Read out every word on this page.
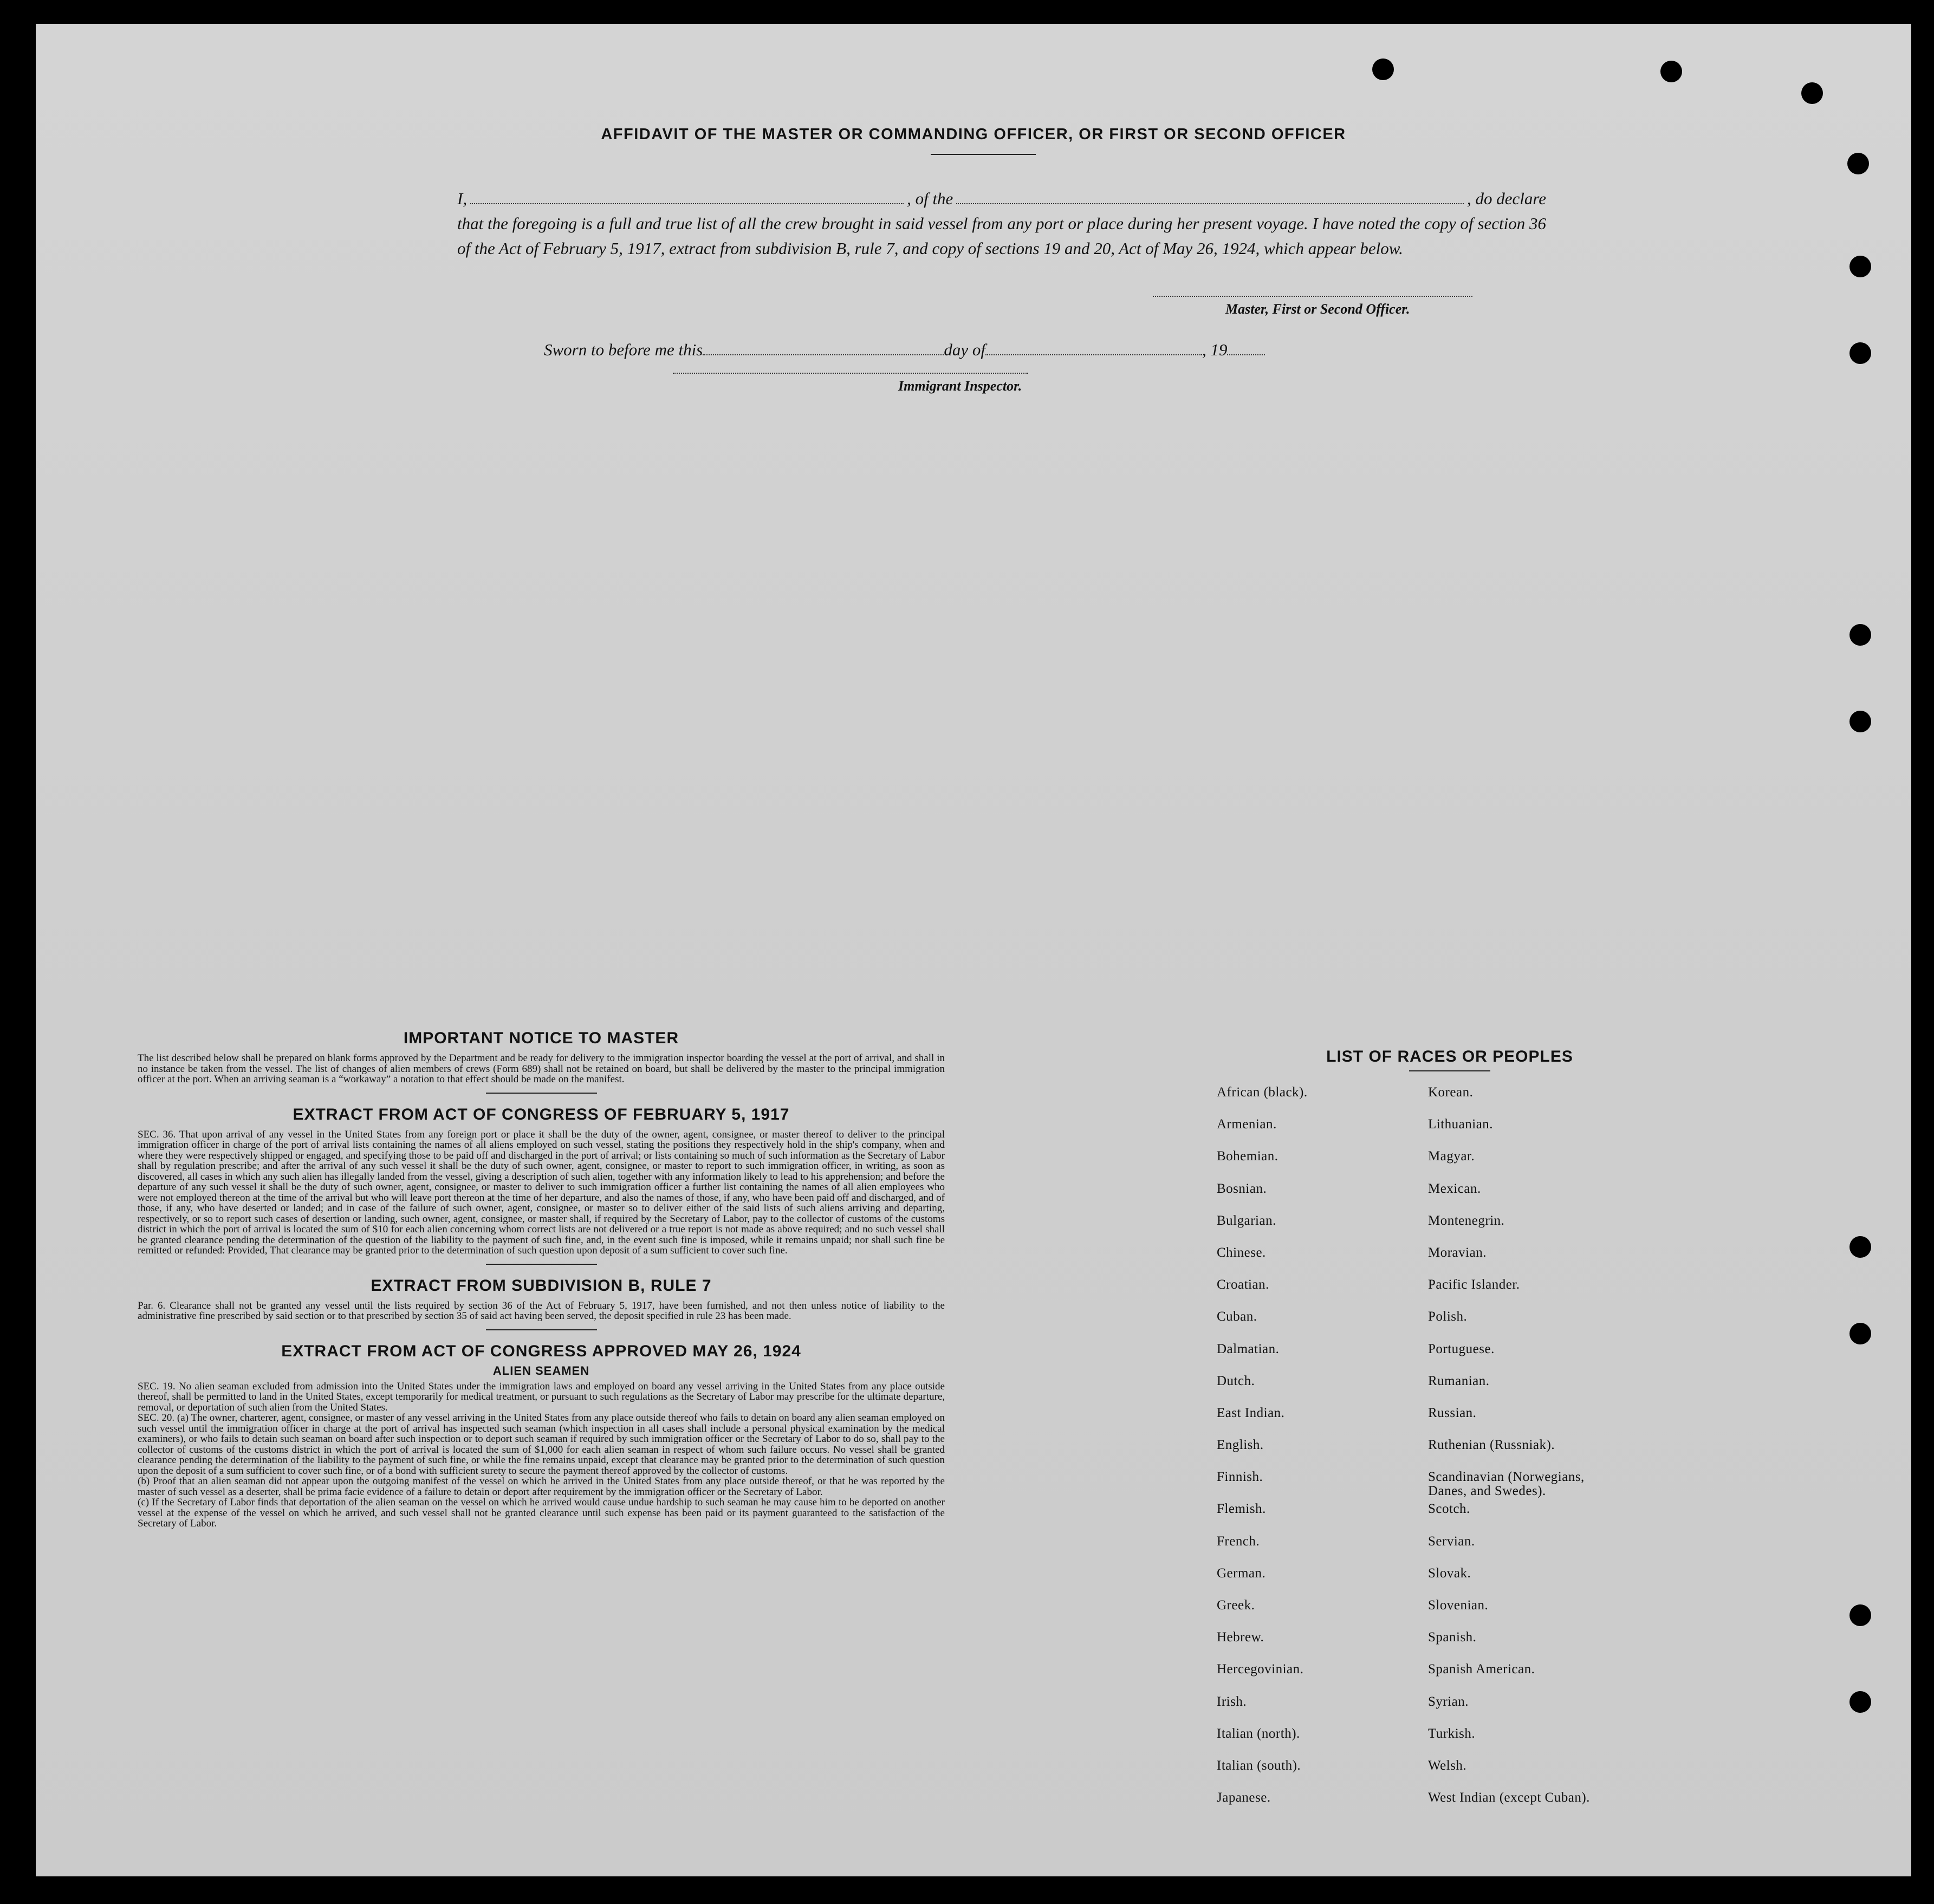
AFFIDAVIT OF THE MASTER OR COMMANDING OFFICER, OR FIRST OR SECOND OFFICER
I,	, of the	, do declare

that the foregoing is a full and true list of all the crew brought in said vessel from any port or place during her present voyage. I have noted the copy of section 36 of the Act of February 5, 1917, extract from subdivision B, rule 7, and copy of sections 19 and 20, Act of May 26, 1924, which appear below.

Master, First or Second Officer.
Sworn to before me this	day of	, 19
Immigrant Inspector.
IMPORTANT NOTICE TO MASTER

The list described below shall be prepared on blank forms approved by the Department and be ready for delivery to the immigration inspector boarding the vessel at the port of arrival, and shall in no instance be taken from the vessel. The list of changes of alien members of crews (Form 689) shall not be retained on board, but shall be delivered by the master to the principal immigration officer at the port. When an arriving seaman is a “workaway” a notation to that effect should be made on the manifest.

EXTRACT FROM ACT OF CONGRESS OF FEBRUARY 5, 1917

SEC. 36. That upon arrival of any vessel in the United States from any foreign port or place it shall be the duty of the owner, agent, consignee, or master thereof to deliver to the principal immigration officer in charge of the port of arrival lists containing the names of all aliens employed on such vessel, stating the positions they respectively hold in the ship's company, when and where they were respectively shipped or engaged, and specifying those to be paid off and discharged in the port of arrival; or lists containing so much of such information as the Secretary of Labor shall by regulation prescribe; and after the arrival of any such vessel it shall be the duty of such owner, agent, consignee, or master to report to such immigration officer, in writing, as soon as discovered, all cases in which any such alien has illegally landed from the vessel, giving a description of such alien, together with any information likely to lead to his apprehension; and before the departure of any such vessel it shall be the duty of such owner, agent, consignee, or master to deliver to such immigration officer a further list containing the names of all alien employees who were not employed thereon at the time of the arrival but who will leave port thereon at the time of her departure, and also the names of those, if any, who have been paid off and discharged, and of those, if any, who have deserted or landed; and in case of the failure of such owner, agent, consignee, or master so to deliver either of the said lists of such aliens arriving and departing, respectively, or so to report such cases of desertion or landing, such owner, agent, consignee, or master shall, if required by the Secretary of Labor, pay to the collector of customs of the customs district in which the port of arrival is located the sum of $10 for each alien concerning whom correct lists are not delivered or a true report is not made as above required; and no such vessel shall be granted clearance pending the determination of the question of the liability to the payment of such fine, and, in the event such fine is imposed, while it remains unpaid; nor shall such fine be remitted or refunded: Provided, That clearance may be granted prior to the determination of such question upon deposit of a sum sufficient to cover such fine.

EXTRACT FROM SUBDIVISION B, RULE 7

Par. 6. Clearance shall not be granted any vessel until the lists required by section 36 of the Act of February 5, 1917, have been furnished, and not then unless notice of liability to the administrative fine prescribed by said section or to that prescribed by section 35 of said act having been served, the deposit specified in rule 23 has been made.

EXTRACT FROM ACT OF CONGRESS APPROVED MAY 26, 1924
ALIEN SEAMEN

SEC. 19. No alien seaman excluded from admission into the United States under the immigration laws and employed on board any vessel arriving in the United States from any place outside thereof, shall be permitted to land in the United States, except temporarily for medical treatment, or pursuant to such regulations as the Secretary of Labor may prescribe for the ultimate departure, removal, or deportation of such alien from the United States.

SEC. 20. (a) The owner, charterer, agent, consignee, or master of any vessel arriving in the United States from any place outside thereof who fails to detain on board any alien seaman employed on such vessel until the immigration officer in charge at the port of arrival has inspected such seaman (which inspection in all cases shall include a personal physical examination by the medical examiners), or who fails to detain such seaman on board after such inspection or to deport such seaman if required by such immigration officer or the Secretary of Labor to do so, shall pay to the collector of customs of the customs district in which the port of arrival is located the sum of $1,000 for each alien seaman in respect of whom such failure occurs. No vessel shall be granted clearance pending the determination of the liability to the payment of such fine, or while the fine remains unpaid, except that clearance may be granted prior to the determination of such question upon the deposit of a sum sufficient to cover such fine, or of a bond with sufficient surety to secure the payment thereof approved by the collector of customs.

(b) Proof that an alien seaman did not appear upon the outgoing manifest of the vessel on which he arrived in the United States from any place outside thereof, or that he was reported by the master of such vessel as a deserter, shall be prima facie evidence of a failure to detain or deport after requirement by the immigration officer or the Secretary of Labor.

(c) If the Secretary of Labor finds that deportation of the alien seaman on the vessel on which he arrived would cause undue hardship to such seaman he may cause him to be deported on another vessel at the expense of the vessel on which he arrived, and such vessel shall not be granted clearance until such expense has been paid or its payment guaranteed to the satisfaction of the Secretary of Labor.

LIST OF RACES OR PEOPLES
African (black).	Korean.
Armenian.	Lithuanian.
Bohemian.	Magyar.
Bosnian.	Mexican.
Bulgarian.	Montenegrin.
Chinese.	Moravian.
Croatian.	Pacific Islander.
Cuban.	Polish.
Dalmatian.	Portuguese.
Dutch.	Rumanian.
East Indian.	Russian.
English.	Ruthenian (Russniak).
Finnish.	Scandinavian (Norwegians,
Danes, and Swedes).
Flemish.	Scotch.
French.	Servian.
German.	Slovak.
Greek.	Slovenian.
Hebrew.	Spanish.
Hercegovinian.	Spanish American.
Irish.	Syrian.
Italian (north).	Turkish.
Italian (south).	Welsh.
Japanese.	West Indian (except Cuban).
